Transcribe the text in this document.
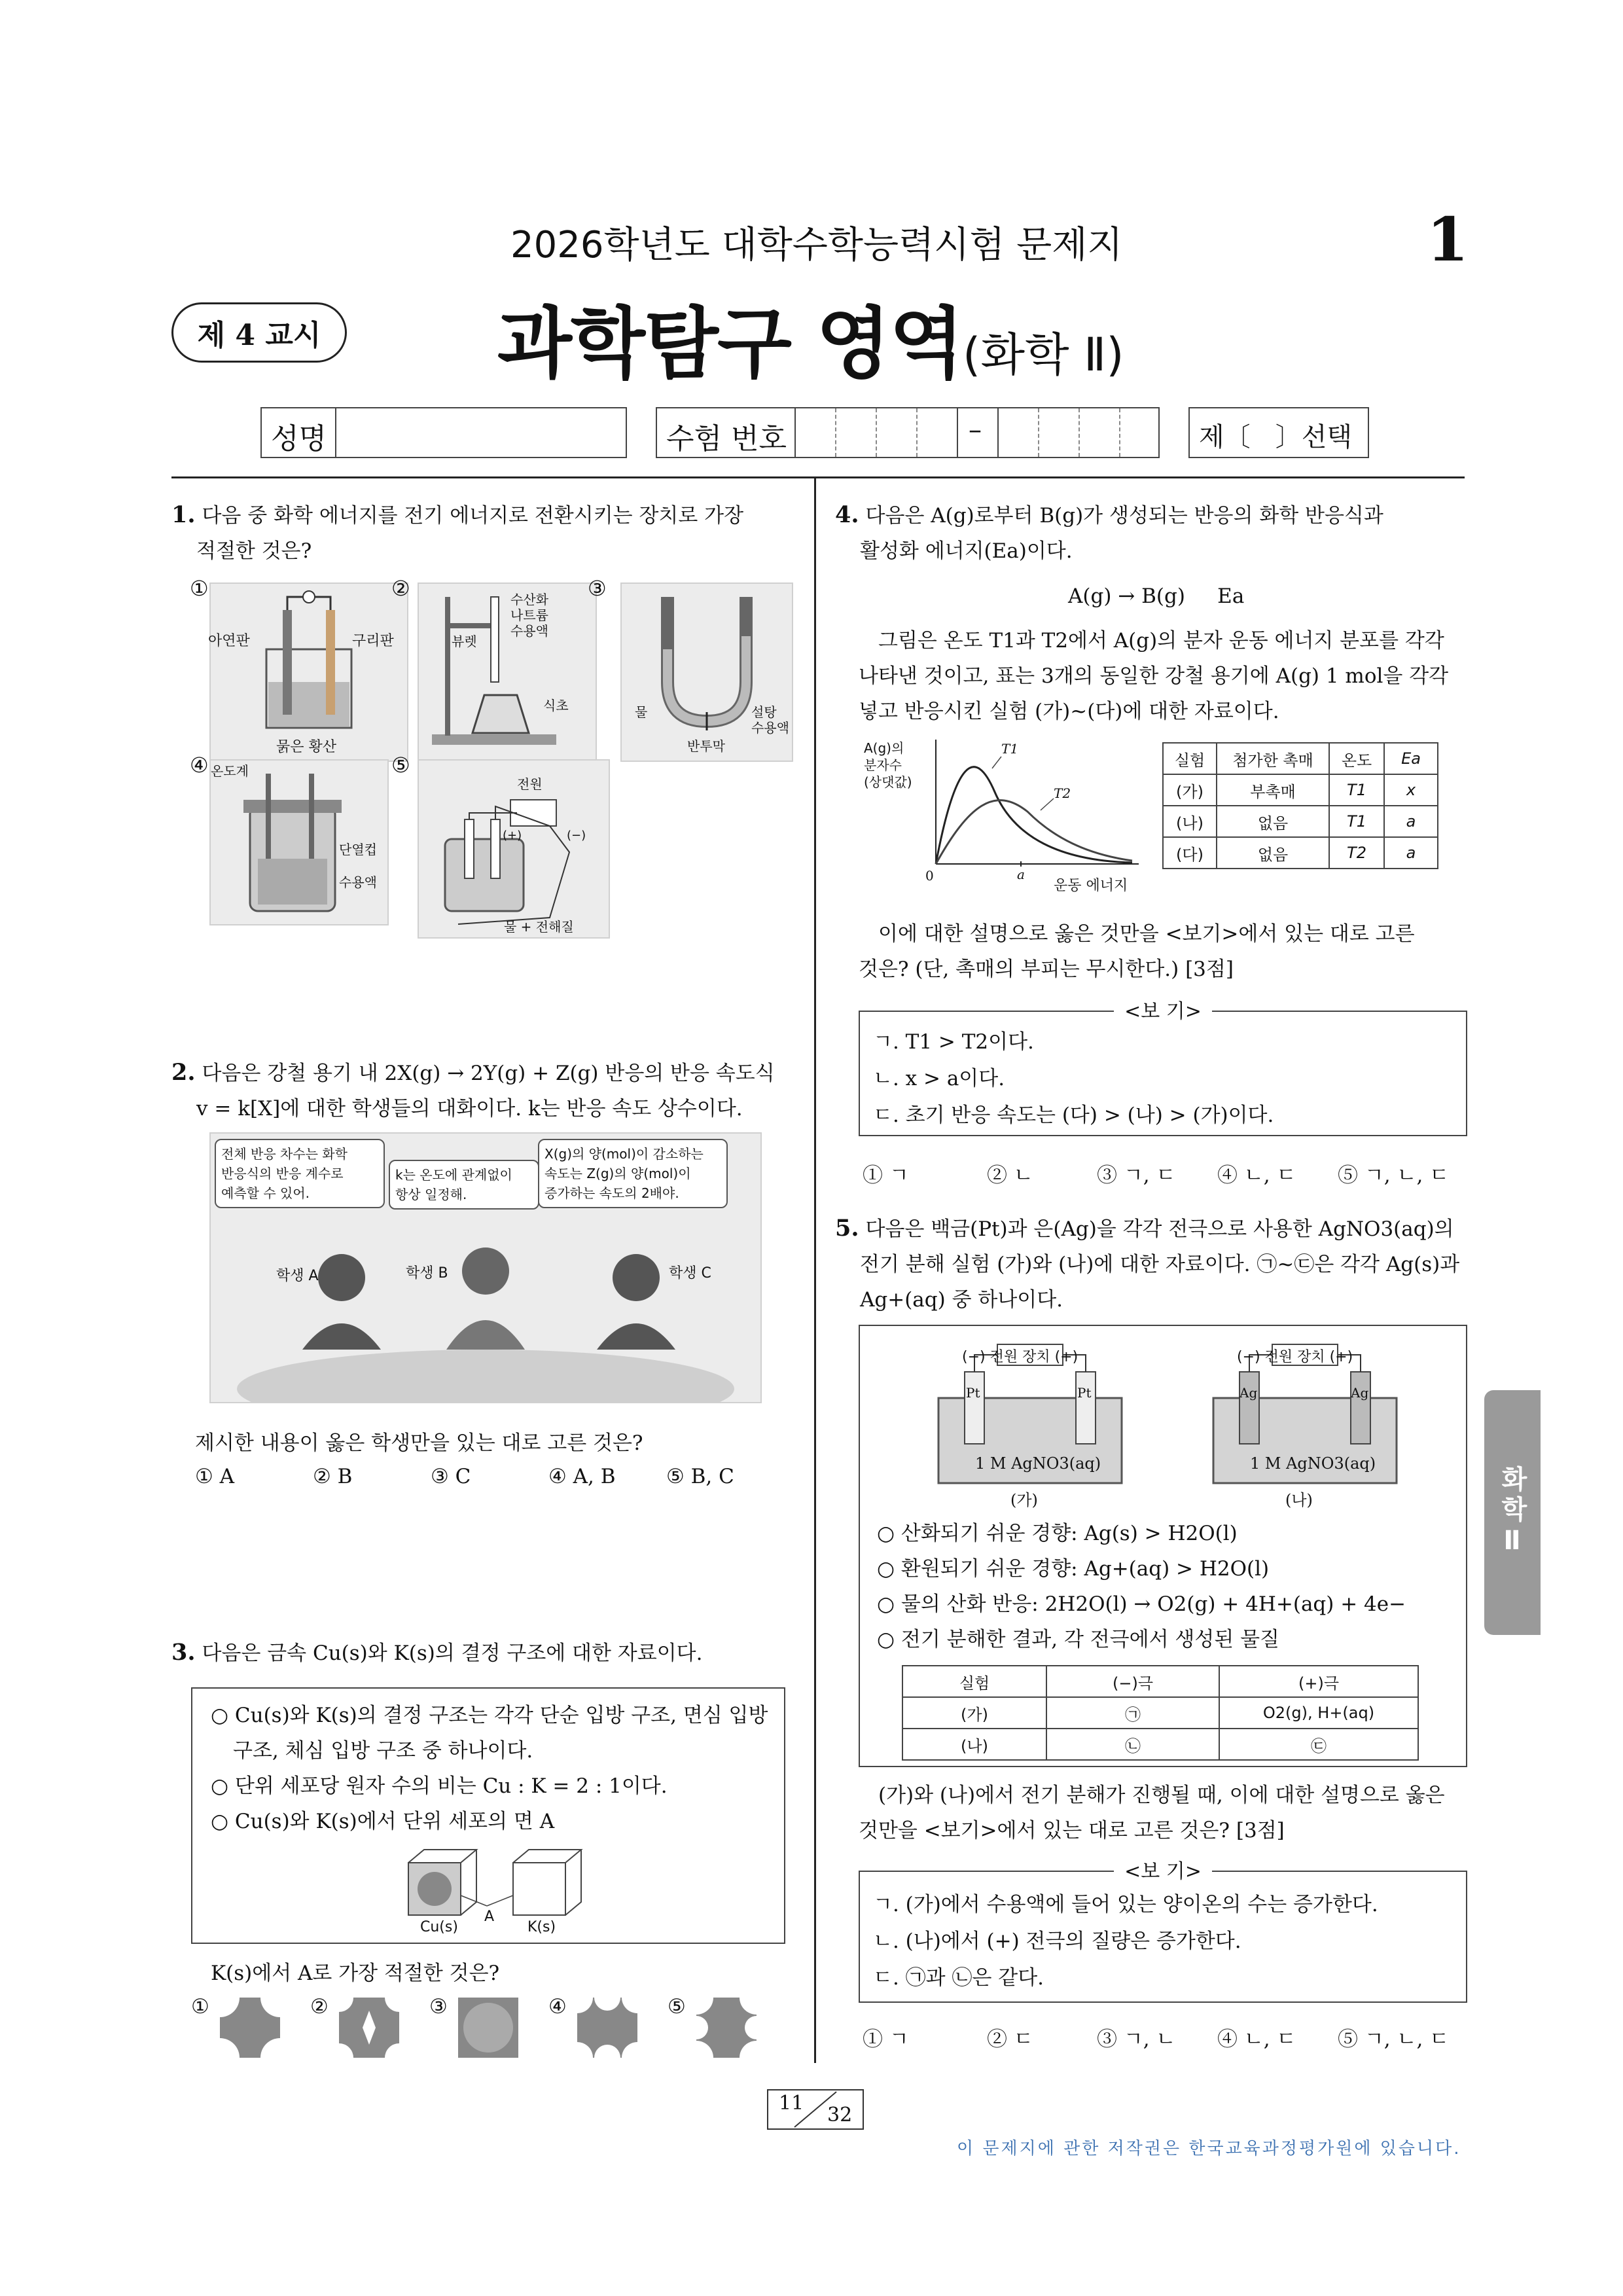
2026학년도 대학수학능력시험 문제지	1
제 4 교시 과학탐구 영역(화학 Ⅱ)
성명	수험 번호	–	제〔   〕선택
1. 다음 중 화학 에너지를 전기 에너지로 전환시키는 장치로 가장
적절한 것은?
①
아연판	구리판
묽은 황산
②	수산화
나트륨
수용액
뷰렛
식초
③
물	설탕
수용액
반투막
④ 온도계
단열컵
수용액
⑤
전원
(+)	(−)
물 + 전해질
2. 다음은 강철 용기 내 2X(g) → 2Y(g) + Z(g) 반응의 반응 속도식
v = k[X]에 대한 학생들의 대화이다. k는 반응 속도 상수이다.
전체 반응 차수는 화학
반응식의 반응 계수로
예측할 수 있어.
k는 온도에 관계없이
항상 일정해.
X(g)의 양(mol)이 감소하는
속도는 Z(g)의 양(mol)이
증가하는 속도의 2배야.
학생 A	학생 B	학생 C
제시한 내용이 옳은 학생만을 있는 대로 고른 것은?
① A	② B	③ C	④ A, B	⑤ B, C
3. 다음은 금속 Cu(s)와 K(s)의 결정 구조에 대한 자료이다.
○ Cu(s)와 K(s)의 결정 구조는 각각 단순 입방 구조, 면심 입방
구조, 체심 입방 구조 중 하나이다.
○ 단위 세포당 원자 수의 비는 Cu : K = 2 : 1이다.
○ Cu(s)와 K(s)에서 단위 세포의 면 A
Cu(s)
A
K(s)
K(s)에서 A로 가장 적절한 것은?
①	②	③	④	⑤
4. 다음은 A(g)로부터 B(g)가 생성되는 반응의 화학 반응식과
활성화 에너지(Ea)이다.
A(g) → B(g)     Ea
그림은 온도 T1과 T2에서 A(g)의 분자 운동 에너지 분포를 각각
나타낸 것이고, 표는 3개의 동일한 강철 용기에 A(g) 1 mol을 각각
넣고 반응시킨 실험 (가)~(다)에 대한 자료이다.
A(g)의
분자수
(상댓값)
0	a
운동 에너지
T1
T2
실험	첨가한 촉매	온도	Ea
(가)	부촉매	T1	x
(나)	없음	T1	a
(다)	없음	T2	a
이에 대한 설명으로 옳은 것만을 <보기>에서 있는 대로 고른
것은? (단, 촉매의 부피는 무시한다.) [3점]
<보 기>
ㄱ. T1 > T2이다.
ㄴ. x > a이다.
ㄷ. 초기 반응 속도는 (다) > (나) > (가)이다.
① ㄱ	② ㄴ	③ ㄱ, ㄷ	④ ㄴ, ㄷ	⑤ ㄱ, ㄴ, ㄷ
5. 다음은 백금(Pt)과 은(Ag)을 각각 전극으로 사용한 AgNO3(aq)의
전기 분해 실험 (가)와 (나)에 대한 자료이다. ㉠~㉢은 각각 Ag(s)과
Ag+(aq) 중 하나이다.
(−) 전원 장치 (+)
Pt	Pt
1 M AgNO3(aq)
(가)
(−) 전원 장치 (+)
Ag	Ag
1 M AgNO3(aq)
(나)
○ 산화되기 쉬운 경향: Ag(s) > H2O(l)
○ 환원되기 쉬운 경향: Ag+(aq) > H2O(l)
○ 물의 산화 반응: 2H2O(l) → O2(g) + 4H+(aq) + 4e−
○ 전기 분해한 결과, 각 전극에서 생성된 물질
실험	(−)극	(+)극
(가)	㉠	O2(g), H+(aq)
(나)	㉡	㉢
(가)와 (나)에서 전기 분해가 진행될 때, 이에 대한 설명으로 옳은
것만을 <보기>에서 있는 대로 고른 것은? [3점]
<보 기>
ㄱ. (가)에서 수용액에 들어 있는 양이온의 수는 증가한다.
ㄴ. (나)에서 (+) 전극의 질량은 증가한다.
ㄷ. ㉠과 ㉡은 같다.
① ㄱ	② ㄷ	③ ㄱ, ㄴ	④ ㄴ, ㄷ	⑤ ㄱ, ㄴ, ㄷ
화학Ⅱ
11
32
이 문제지에 관한 저작권은 한국교육과정평가원에 있습니다.
